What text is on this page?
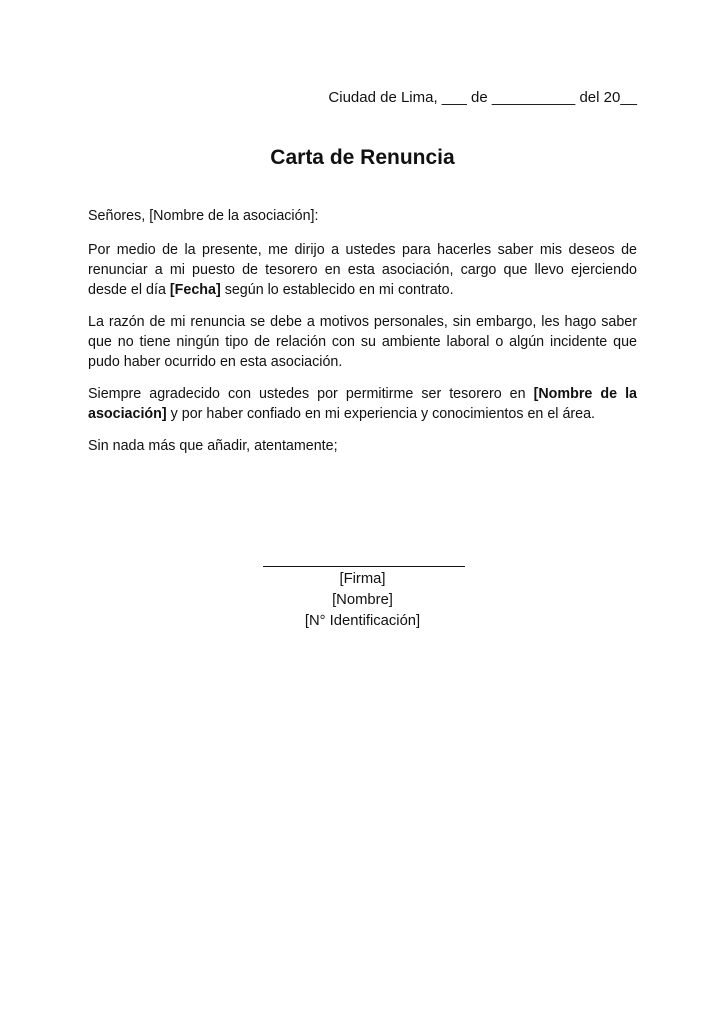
Ciudad de Lima, ___ de __________ del 20__
Carta de Renuncia

Señores, [Nombre de la asociación]:

Por medio de la presente, me dirijo a ustedes para hacerles saber mis deseos de renunciar a mi puesto de tesorero en esta asociación, cargo que llevo ejerciendo desde el día [Fecha] según lo establecido en mi contrato.

La razón de mi renuncia se debe a motivos personales, sin embargo, les hago saber que no tiene ningún tipo de relación con su ambiente laboral o algún incidente que pudo haber ocurrido en esta asociación.

Siempre agradecido con ustedes por permitirme ser tesorero en [Nombre de la asociación] y por haber confiado en mi experiencia y conocimientos en el área.

Sin nada más que añadir, atentamente;

[Firma]
[Nombre]
[N° Identificación]
